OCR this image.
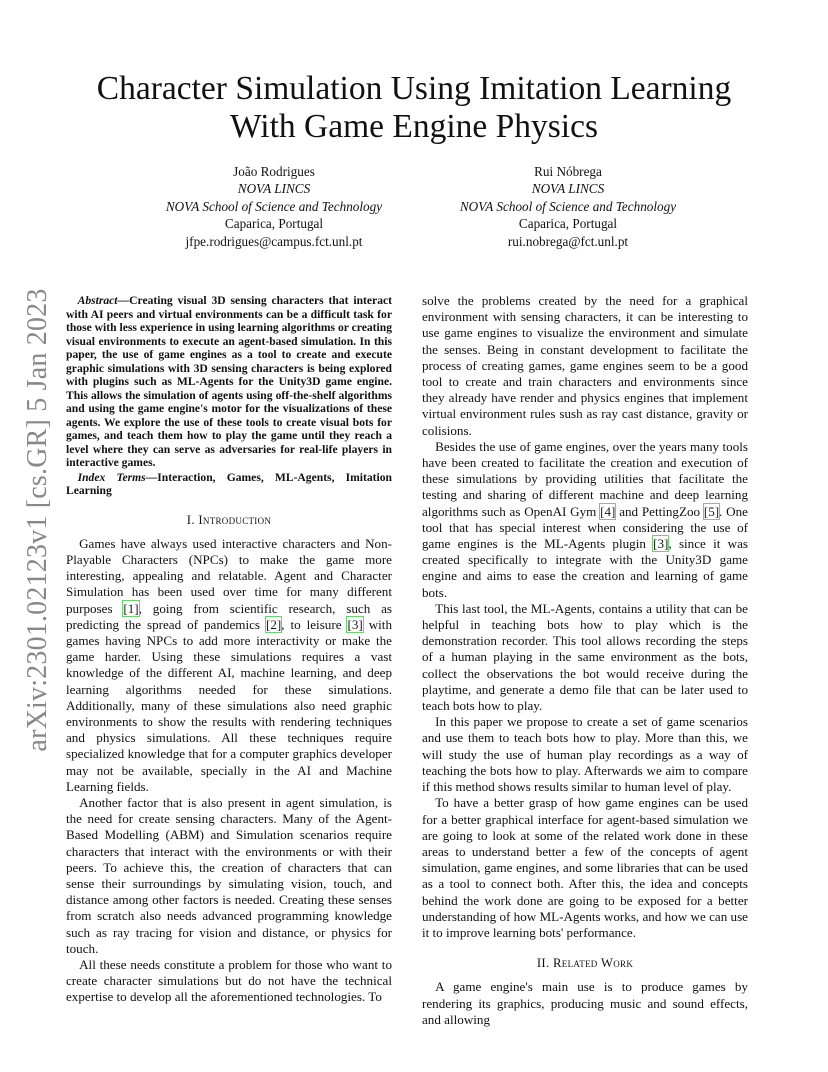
arXiv:2301.02123v1 [cs.GR] 5 Jan 2023
Character Simulation Using Imitation Learning
With Game Engine Physics
João Rodrigues
NOVA LINCS
NOVA School of Science and Technology
Caparica, Portugal
jfpe.rodrigues@campus.fct.unl.pt
Rui Nóbrega
NOVA LINCS
NOVA School of Science and Technology
Caparica, Portugal
rui.nobrega@fct.unl.pt

Abstract—Creating visual 3D sensing characters that interact with AI peers and virtual environments can be a difficult task for those with less experience in using learning algorithms or creating visual environments to execute an agent-based simulation. In this paper, the use of game engines as a tool to create and execute graphic simulations with 3D sensing characters is being explored with plugins such as ML-Agents for the Unity3D game engine. This allows the simulation of agents using off-the-shelf algorithms and using the game engine's motor for the visualizations of these agents. We explore the use of these tools to create visual bots for games, and teach them how to play the game until they reach a level where they can serve as adversaries for real-life players in interactive games.

Index Terms—Interaction, Games, ML-Agents, Imitation Learning

I. Introduction

Games have always used interactive characters and Non-Playable Characters (NPCs) to make the game more interesting, appealing and relatable. Agent and Character Simulation has been used over time for many different purposes [1], going from scientific research, such as predicting the spread of pandemics [2], to leisure [3] with games having NPCs to add more interactivity or make the game harder. Using these simulations requires a vast knowledge of the different AI, machine learning, and deep learning algorithms needed for these simulations. Additionally, many of these simulations also need graphic environments to show the results with rendering techniques and physics simulations. All these techniques require specialized knowledge that for a computer graphics developer may not be available, specially in the AI and Machine Learning fields.

Another factor that is also present in agent simulation, is the need for create sensing characters. Many of the Agent-Based Modelling (ABM) and Simulation scenarios require characters that interact with the environments or with their peers. To achieve this, the creation of characters that can sense their surroundings by simulating vision, touch, and distance among other factors is needed. Creating these senses from scratch also needs advanced programming knowledge such as ray tracing for vision and distance, or physics for touch.

All these needs constitute a problem for those who want to create character simulations but do not have the technical expertise to develop all the aforementioned technologies. To

solve the problems created by the need for a graphical environment with sensing characters, it can be interesting to use game engines to visualize the environment and simulate the senses. Being in constant development to facilitate the process of creating games, game engines seem to be a good tool to create and train characters and environments since they already have render and physics engines that implement virtual environment rules sush as ray cast distance, gravity or colisions.

Besides the use of game engines, over the years many tools have been created to facilitate the creation and execution of these simulations by providing utilities that facilitate the testing and sharing of different machine and deep learning algorithms such as OpenAI Gym [4] and PettingZoo [5]. One tool that has special interest when considering the use of game engines is the ML-Agents plugin [3], since it was created specifically to integrate with the Unity3D game engine and aims to ease the creation and learning of game bots.

This last tool, the ML-Agents, contains a utility that can be helpful in teaching bots how to play which is the demonstration recorder. This tool allows recording the steps of a human playing in the same environment as the bots, collect the observations the bot would receive during the playtime, and generate a demo file that can be later used to teach bots how to play.

In this paper we propose to create a set of game scenarios and use them to teach bots how to play. More than this, we will study the use of human play recordings as a way of teaching the bots how to play. Afterwards we aim to compare if this method shows results similar to human level of play.

To have a better grasp of how game engines can be used for a better graphical interface for agent-based simulation we are going to look at some of the related work done in these areas to understand better a few of the concepts of agent simulation, game engines, and some libraries that can be used as a tool to connect both. After this, the idea and concepts behind the work done are going to be exposed for a better understanding of how ML-Agents works, and how we can use it to improve learning bots' performance.

II. Related Work

A game engine's main use is to produce games by rendering its graphics, producing music and sound effects, and allowing
